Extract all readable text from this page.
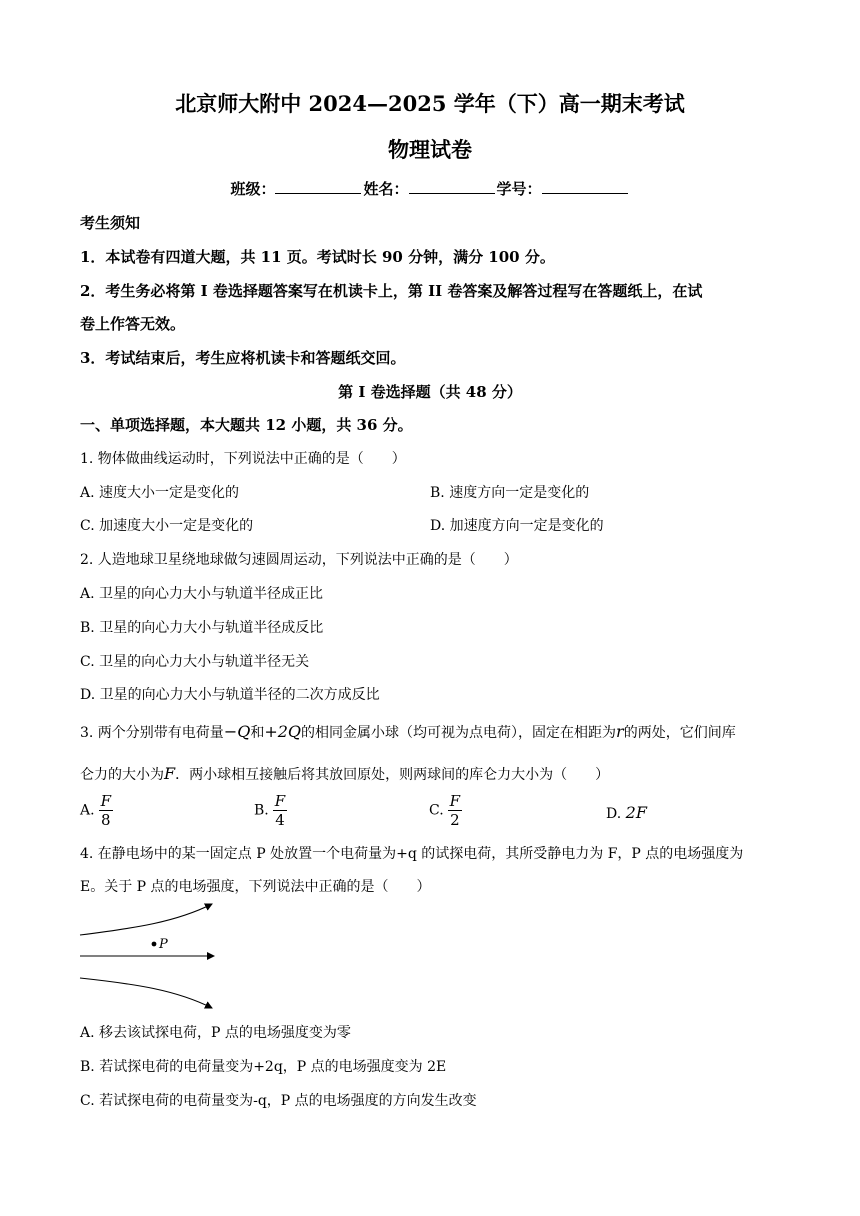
北京师大附中 2024—2025 学年（下）高一期末考试
物理试卷
班级：	姓名：	学号：
考生须知
1．本试卷有四道大题，共 11 页。考试时长 90 分钟，满分 100 分。
2．考生务必将第 I 卷选择题答案写在机读卡上，第 II 卷答案及解答过程写在答题纸上，在试
卷上作答无效。
3．考试结束后，考生应将机读卡和答题纸交回。
第 I 卷选择题（共 48 分）
一、单项选择题，本大题共 12 小题，共 36 分。
1. 物体做曲线运动时，下列说法中正确的是（　　）
A. 速度大小一定是变化的	B. 速度方向一定是变化的
C. 加速度大小一定是变化的	D. 加速度方向一定是变化的
2. 人造地球卫星绕地球做匀速圆周运动，下列说法中正确的是（　　）
A. 卫星的向心力大小与轨道半径成正比
B. 卫星的向心力大小与轨道半径成反比
C. 卫星的向心力大小与轨道半径无关
D. 卫星的向心力大小与轨道半径的二次方成反比
3. 两个分别带有电荷量−Q和+2Q的相同金属小球（均可视为点电荷），固定在相距为r的两处，它们间库
仑力的大小为F．两小球相互接触后将其放回原处，则两球间的库仑力大小为（　　）
A. $\frac{F}{8}$	B. $\frac{F}{4}$	C. $\frac{F}{2}$	D. 2F
4. 在静电场中的某一固定点 P 处放置一个电荷量为+q 的试探电荷，其所受静电力为 F，P 点的电场强度为
E。关于 P 点的电场强度，下列说法中正确的是（　　）
P
A. 移去该试探电荷，P 点的电场强度变为零
B. 若试探电荷的电荷量变为+2q，P 点的电场强度变为 2E
C. 若试探电荷的电荷量变为-q，P 点的电场强度的方向发生改变
